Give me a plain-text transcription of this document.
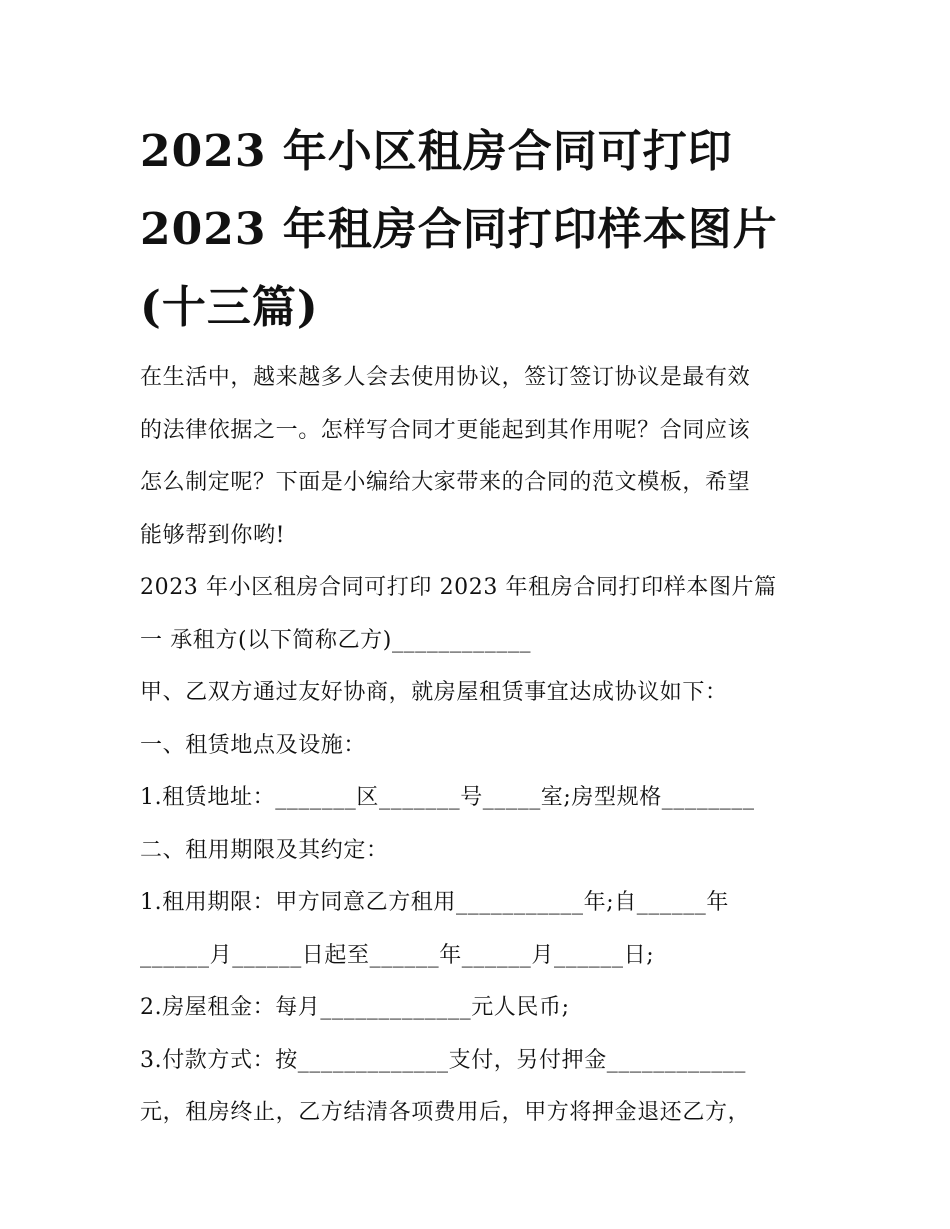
2023 年小区租房合同可打印
2023 年租房合同打印样本图片
(十三篇)

在生活中，越来越多人会去使用协议，签订签订协议是最有效

的法律依据之一。怎样写合同才更能起到其作用呢？合同应该

怎么制定呢？下面是小编给大家带来的合同的范文模板，希望

能够帮到你哟!

2023 年小区租房合同可打印 2023 年租房合同打印样本图片篇

一 承租方(以下简称乙方)____________

甲、乙双方通过友好协商，就房屋租赁事宜达成协议如下：

一、租赁地点及设施：

1.租赁地址：_______区_______号_____室;房型规格________

二、租用期限及其约定：

1.租用期限：甲方同意乙方租用___________年;自______年

______月______日起至______年______月______日;

2.房屋租金：每月_____________元人民币;

3.付款方式：按_____________支付，另付押金____________

元，租房终止，乙方结清各项费用后，甲方将押金退还乙方，
